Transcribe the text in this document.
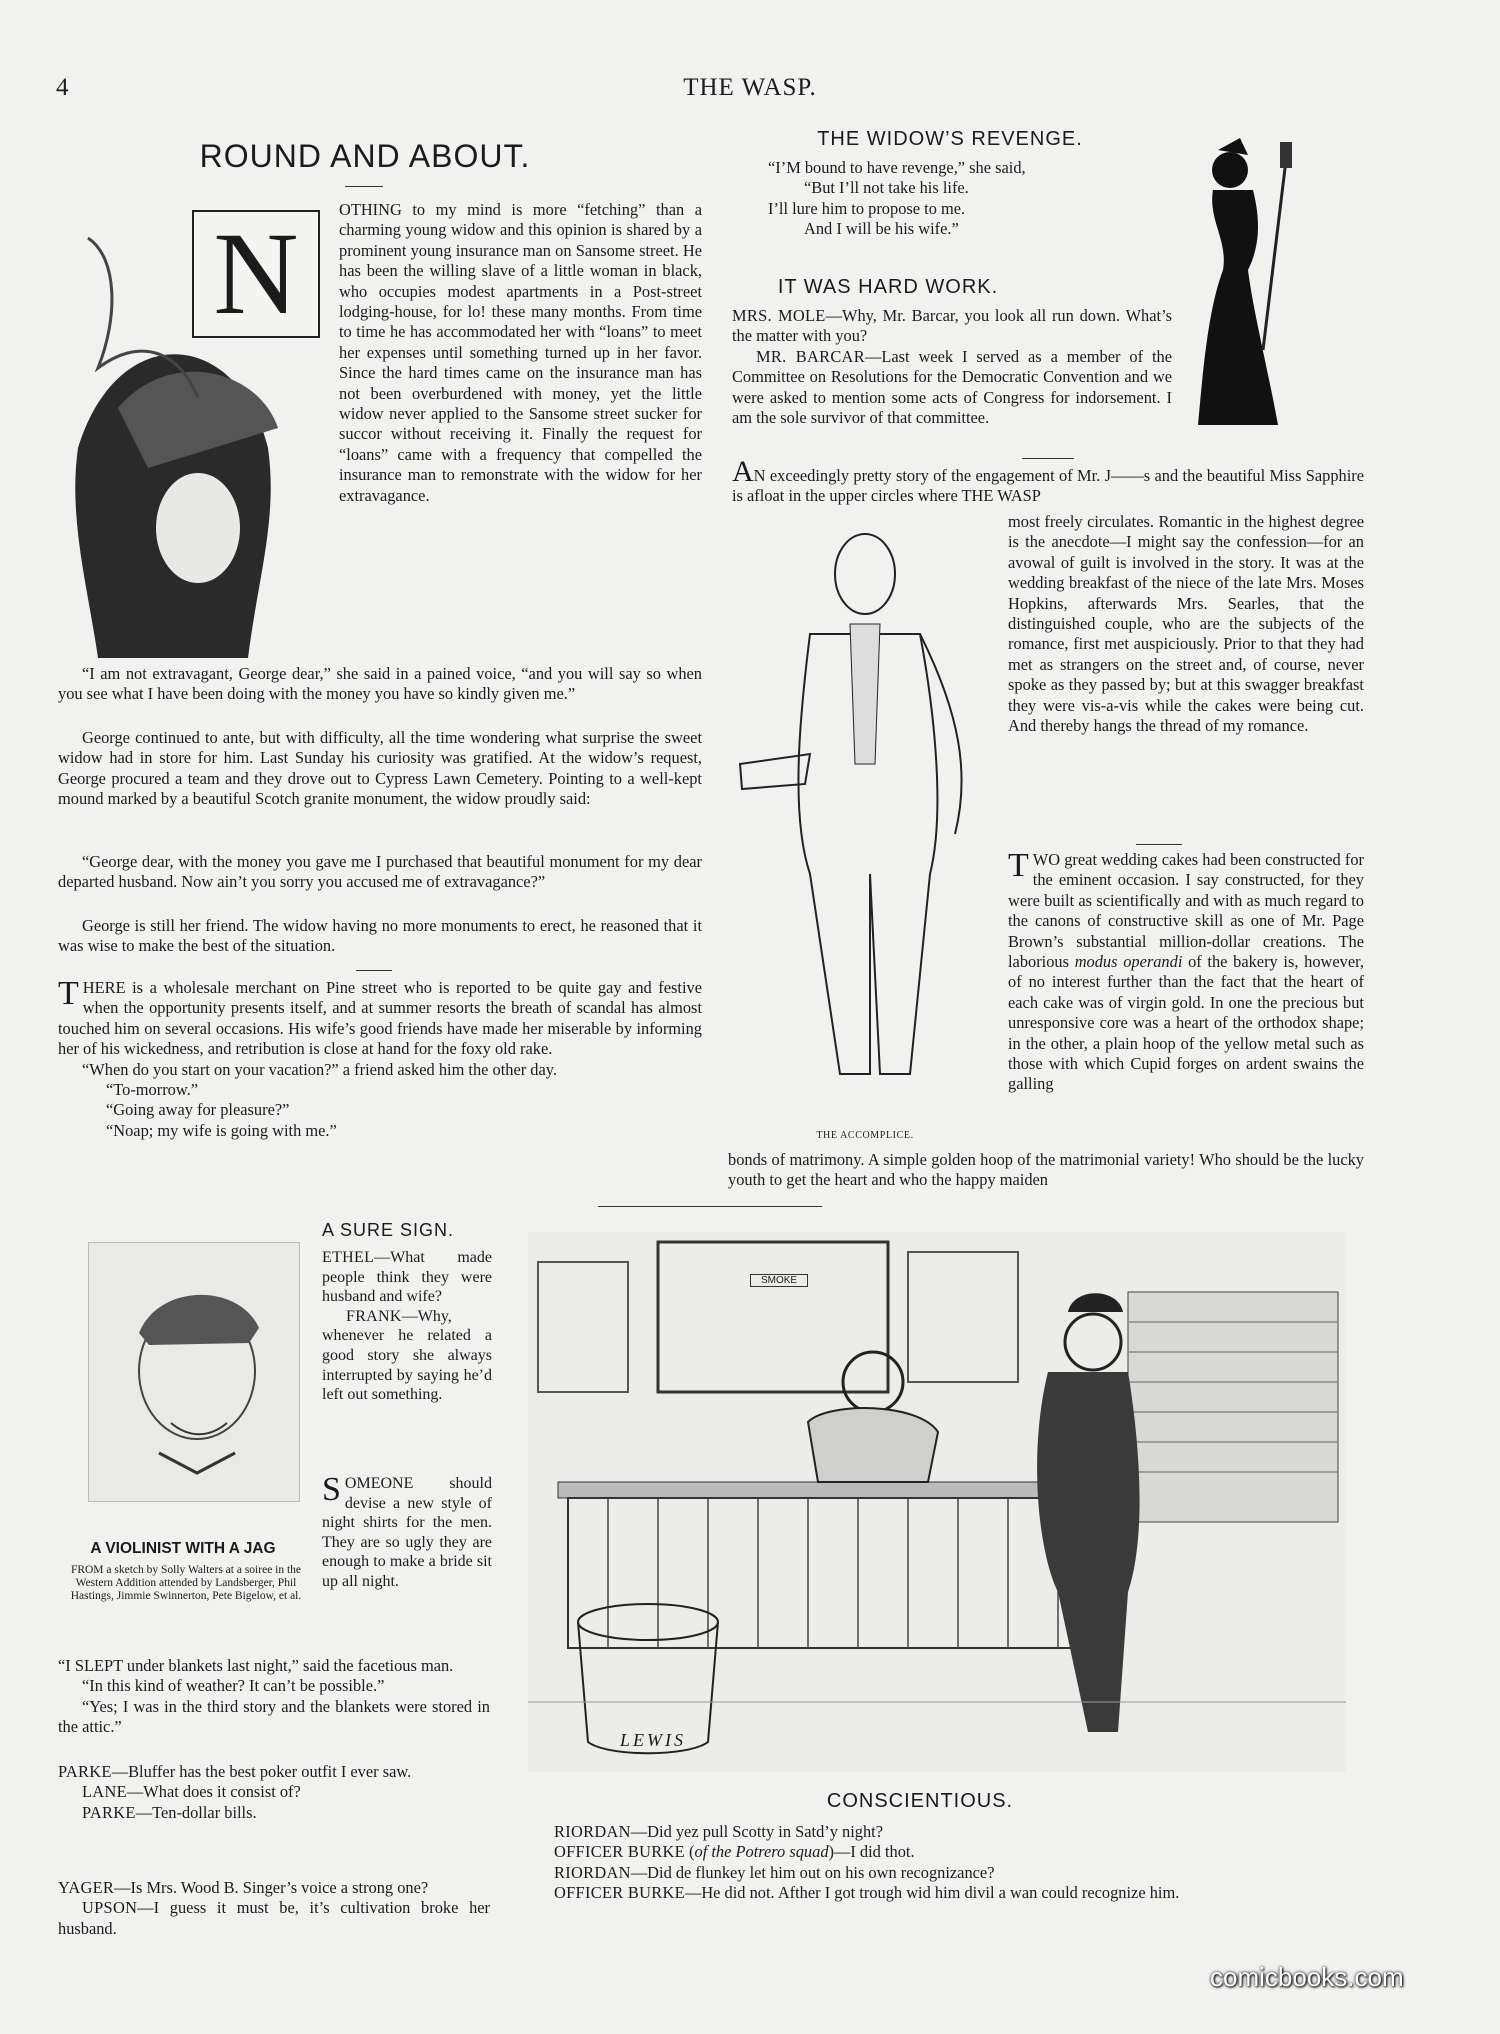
4	THE WASP.
ROUND AND ABOUT.
N	OTHING to my mind is more “fetching” than a charming young widow and this opinion is shared by a prominent young insurance man on Sansome street. He has been the willing slave of a little woman in black, who occupies modest apartments in a Post-street lodging-house, for lo! these many months. From time to time he has accommodated her with “loans” to meet her expenses until something turned up in her favor. Since the hard times came on the insurance man has not been overburdened with money, yet the little widow never applied to the Sansome street sucker for succor without receiving it. Finally the request for “loans” came with a frequency that compelled the insurance man to remonstrate with the widow for her extravagance.

“I am not extravagant, George dear,” she said in a pained voice, “and you will say so when you see what I have been doing with the money you have so kindly given me.”

George continued to ante, but with difficulty, all the time wondering what surprise the sweet widow had in store for him. Last Sunday his curiosity was gratified. At the widow’s request, George procured a team and they drove out to Cypress Lawn Cemetery. Pointing to a well-kept mound marked by a beautiful Scotch granite monument, the widow proudly said:

“George dear, with the money you gave me I purchased that beautiful monument for my dear departed husband. Now ain’t you sorry you accused me of extravagance?”

George is still her friend. The widow having no more monuments to erect, he reasoned that it was wise to make the best of the situation.

THERE is a wholesale merchant on Pine street who is reported to be quite gay and festive when the opportunity presents itself, and at summer resorts the breath of scandal has almost touched him on several occasions. His wife’s good friends have made her miserable by informing her of his wickedness, and retribution is close at hand for the foxy old rake.

“When do you start on your vacation?” a friend asked him the other day.

“To-morrow.”

“Going away for pleasure?”

“Noap; my wife is going with me.”

THE WIDOW’S REVENGE.

“I’M bound to have revenge,” she said,

“But I’ll not take his life.

I’ll lure him to propose to me.

And I will be his wife.”

IT WAS HARD WORK.

MRS. MOLE—Why, Mr. Barcar, you look all run down. What’s the matter with you?

MR. BARCAR—Last week I served as a member of the Committee on Resolutions for the Democratic Convention and we were asked to mention some acts of Congress for indorsement. I am the sole survivor of that committee.

AN exceedingly pretty story of the engagement of Mr. J——s and the beautiful Miss Sapphire is afloat in the upper circles where THE WASP

THE ACCOMPLICE.

most freely circulates. Romantic in the highest degree is the anecdote—I might say the confession—for an avowal of guilt is involved in the story. It was at the wedding breakfast of the niece of the late Mrs. Moses Hopkins, afterwards Mrs. Searles, that the distinguished couple, who are the subjects of the romance, first met auspiciously. Prior to that they had met as strangers on the street and, of course, never spoke as they passed by; but at this swagger breakfast they were vis-a-vis while the cakes were being cut. And thereby hangs the thread of my romance.

TWO great wedding cakes had been constructed for the eminent occasion. I say constructed, for they were built as scientifically and with as much regard to the canons of constructive skill as one of Mr. Page Brown’s substantial million-dollar creations. The laborious modus operandi of the bakery is, however, of no interest further than the fact that the heart of each cake was of virgin gold. In one the precious but unresponsive core was a heart of the orthodox shape; in the other, a plain hoop of the yellow metal such as those with which Cupid forges on ardent swains the galling

bonds of matrimony. A simple golden hoop of the matrimonial variety! Who should be the lucky youth to get the heart and who the happy maiden

A VIOLINIST WITH A JAG
FROM a sketch by Solly Walters at a soiree in the Western Addition attended by Landsberger, Phil Hastings, Jimmie Swinnerton, Pete Bigelow, et al.
A SURE SIGN.

ETHEL—What made people think they were husband and wife?

FRANK—Why, whenever he related a good story she always interrupted by saying he’d left out something.

SOMEONE should devise a new style of night shirts for the men. They are so ugly they are enough to make a bride sit up all night.

“I SLEPT under blankets last night,” said the facetious man.

“In this kind of weather? It can’t be possible.”

“Yes; I was in the third story and the blankets were stored in the attic.”

PARKE—Bluffer has the best poker outfit I ever saw.

LANE—What does it consist of?

PARKE—Ten-dollar bills.

YAGER—Is Mrs. Wood B. Singer’s voice a strong one?

UPSON—I guess it must be, it’s cultivation broke her husband.

SMOKE
LEWIS
CONSCIENTIOUS.

RIORDAN—Did yez pull Scotty in Satd’y night?

OFFICER BURKE (of the Potrero squad)—I did thot.

RIORDAN—Did de flunkey let him out on his own recognizance?

OFFICER BURKE—He did not. Afther I got trough wid him divil a wan could recognize him.

comicbooks.com
